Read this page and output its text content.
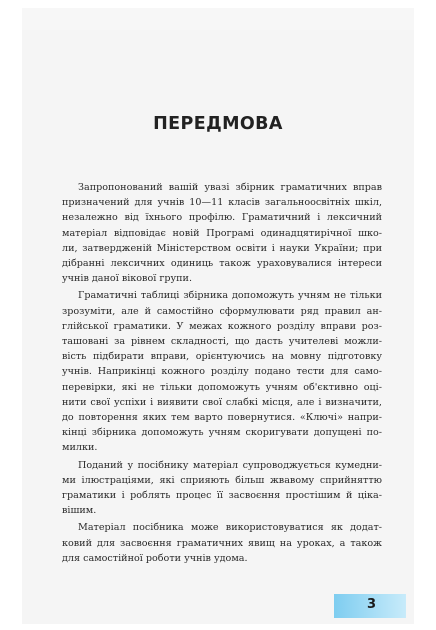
ПЕРЕДМОВА

Запропонований вашій увазі збірник граматичних вправ
призначений для учнів 10—11 класів загальноосвітніх шкіл,
незалежно від їхнього профілю. Граматичний і лексичний
матеріал відповідає новій Програмі одинадцятирічної шко-
ли, затвердженій Міністерством освіти і науки України; при
дібранні лексичних одиниць також ураховувалися інтереси
учнів даної вікової групи.

Граматичні таблиці збірника допоможуть учням не тільки
зрозуміти, але й самостійно сформулювати ряд правил ан-
глійської граматики. У межах кожного розділу вправи роз-
ташовані за рівнем складності, що дасть учителеві можли-
вість підбирати вправи, орієнтуючись на мовну підготовку
учнів. Наприкінці кожного розділу подано тести для само-
перевірки, які не тільки допоможуть учням об'єктивно оці-
нити свої успіхи і виявити свої слабкі місця, але і визначити,
до повторення яких тем варто повернутися. «Ключі» напри-
кінці збірника допоможуть учням скоригувати допущені по-
милки.

Поданий у посібнику матеріал супроводжується кумедни-
ми ілюстраціями, які сприяють більш жвавому сприйняттю
граматики і роблять процес її засвоєння простішим й ціка-
вішим.

Матеріал посібника може використовуватися як додат-
ковий для засвоєння граматичних явищ на уроках, а також
для самостійної роботи учнів удома.

3
